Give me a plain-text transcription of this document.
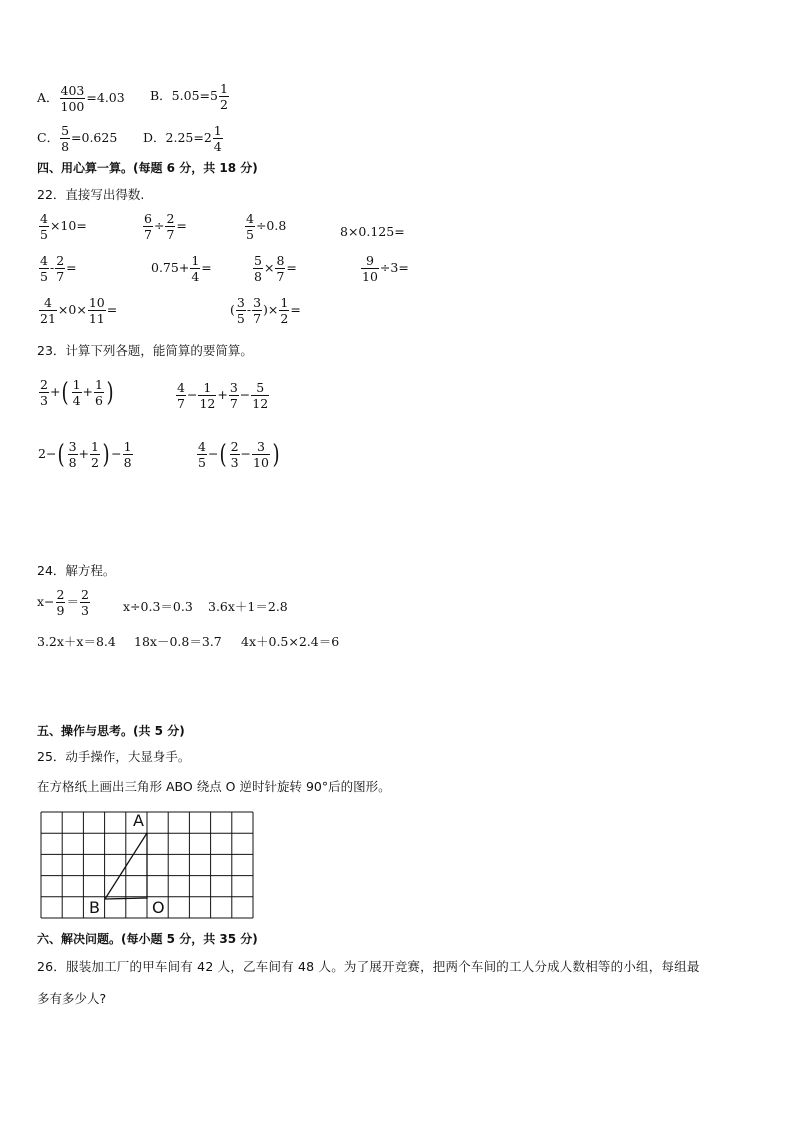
A． $\frac{403}{100} =4.03$ B．$5.05=5 \frac{1}{2}$
C． $\frac{5}{8} =0.625$ D．$2.25=2 \frac{1}{4}$
四、用心算一算。(每题 6 分，共 18 分)
22．直接写出得数.
$\frac{4}{5} \times 10=$	$\frac{6}{7} \div \frac{2}{7}$ =	$\frac{4}{5} \div 0.8$	8×0.125=
$\frac{4}{5} - \frac{2}{7}$ =	$0.75+ \frac{1}{4}$ =	$\frac{5}{8} \times \frac{8}{7}$ =	$\frac{9}{10} \div 3=$
$\frac{4}{21} \times 0\times \frac{10}{11}$ =	( $\frac{3}{5} - \frac{3}{7}$ )× $\frac{1}{2}$ =
23．计算下列各题，能简算的要简算。
$\frac{2}{3}$ + ( $\frac{1}{4} + \frac{1}{6}$ )	$\frac{4}{7} - \frac{1}{12} + \frac{3}{7} - \frac{5}{12}$
2− ( $\frac{3}{8} + \frac{1}{2}$ ) − $\frac{1}{8}$	$\frac{4}{5}$ − ( $\frac{2}{3} - \frac{3}{10}$ )
24．解方程。
$x- \frac{2}{9} = \frac{2}{3}$	x÷0.3＝0.3 3.6x＋1＝2.8
3.2x＋x＝8.4 18x－0.8＝3.7 4x＋0.5×2.4＝6
五、操作与思考。(共 5 分)
25．动手操作，大显身手。
在方格纸上画出三角形 ABO 绕点 O 逆时针旋转 90°后的图形。
A
B	O
六、解决问题。(每小题 5 分，共 35 分)
26．服装加工厂的甲车间有 42 人，乙车间有 48 人。为了展开竞赛，把两个车间的工人分成人数相等的小组，每组最
多有多少人?
